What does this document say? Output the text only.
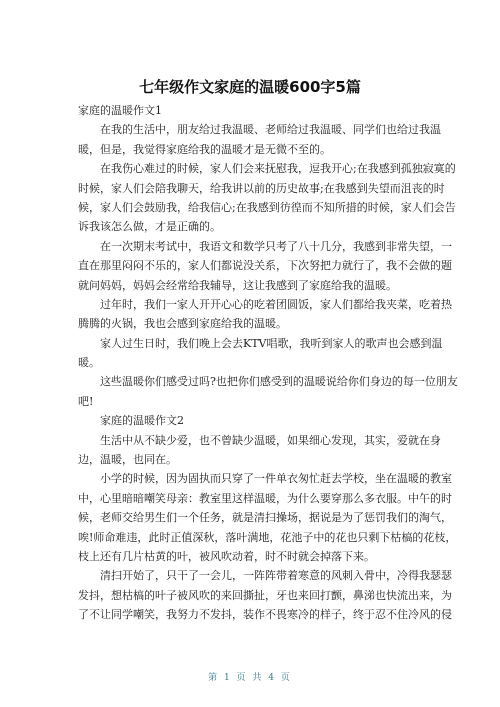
七年级作文家庭的温暖600字5篇
家庭的温暖作文1
在我的生活中，朋友给过我温暖、老师给过我温暖、同学们也给过我温
暖，但是，我觉得家庭给我的温暖才是无微不至的。
在我伤心难过的时候，家人们会来抚慰我，逗我开心;在我感到孤独寂寞的
时候，家人们会陪我聊天，给我讲以前的历史故事;在我感到失望而沮丧的时
候，家人们会鼓励我，给我信心;在我感到彷徨而不知所措的时候，家人们会告
诉我该怎么做，才是正确的。
在一次期末考试中，我语文和数学只考了八十几分，我感到非常失望，一
直在那里闷闷不乐的，家人们都说没关系，下次努把力就行了，我不会做的题
就问妈妈，妈妈会经常给我辅导，这让我感到了家庭给我的温暖。
过年时，我们一家人开开心心的吃着团圆饭，家人们都给我夹菜，吃着热
腾腾的火锅，我也会感到家庭给我的温暖。
家人过生日时，我们晚上会去KTV唱歌，我听到家人的歌声也会感到温
暖。
这些温暖你们感受过吗?也把你们感受到的温暖说给你们身边的每一位朋友
吧!
家庭的温暖作文2
生活中从不缺少爱，也不曾缺少温暖，如果细心发现，其实，爱就在身
边，温暖，也同在。
小学的时候，因为固执而只穿了一件单衣匆忙赶去学校，坐在温暖的教室
中，心里暗暗嘲笑母亲：教室里这样温暖，为什么要穿那么多衣服。中午的时
候，老师交给男生们一个任务，就是清扫操场，据说是为了惩罚我们的淘气，
唉!师命难违，此时正值深秋，落叶满地，花池子中的花也只剩下枯槁的花枝，
枝上还有几片枯黄的叶，被风吹动着，时不时就会掉落下来。
清扫开始了，只干了一会儿，一阵阵带着寒意的风刺入骨中，冷得我瑟瑟
发抖，想枯槁的叶子被风吹的来回撕扯，牙也来回打颤，鼻涕也快流出来，为
了不让同学嘲笑，我努力不发抖，装作不畏寒冷的样子，终于忍不住冷风的侵
第 1 页 共 4 页
